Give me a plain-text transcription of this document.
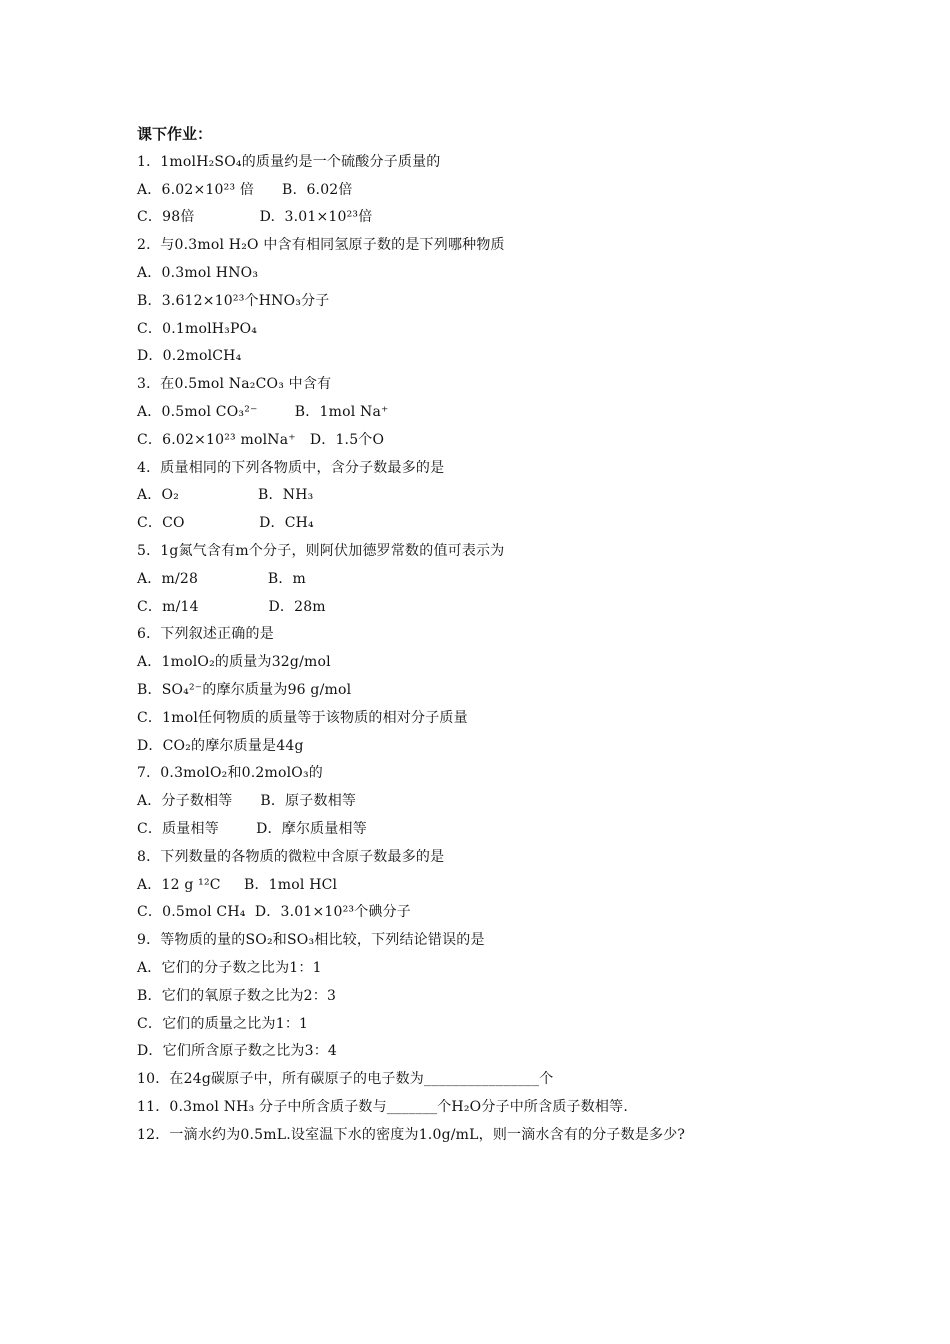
课下作业：
1．1molH₂SO₄的质量约是一个硫酸分子质量的
A．6.02×10²³ 倍      B.  6.02倍
C．98倍              D.  3.01×10²³倍
2．与0.3mol H₂O 中含有相同氢原子数的是下列哪种物质
A．0.3mol HNO₃
B．3.612×10²³个HNO₃分子
C．0.1molH₃PO₄
D．0.2molCH₄
3．在0.5mol Na₂CO₃ 中含有
A．0.5mol CO₃²⁻        B．1mol Na⁺
C．6.02×10²³ molNa⁺   D．1.5个O
4．质量相同的下列各物质中，含分子数最多的是
A．O₂                 B．NH₃
C．CO                D．CH₄
5．1g氮气含有m个分子，则阿伏加德罗常数的值可表示为
A．m/28               B．m
C．m/14               D．28m
6．下列叙述正确的是
A．1molO₂的质量为32g/mol
B．SO₄²⁻的摩尔质量为96 g/mol
C．1mol任何物质的质量等于该物质的相对分子质量
D．CO₂的摩尔质量是44g
7．0.3molO₂和0.2molO₃的
A．分子数相等      B．原子数相等
C．质量相等        D．摩尔质量相等
8．下列数量的各物质的微粒中含原子数最多的是
A．12 g ¹²C     B．1mol HCl
C．0.5mol CH₄  D．3.01×10²³个碘分子
9．等物质的量的SO₂和SO₃相比较，下列结论错误的是
A．它们的分子数之比为1：1
B．它们的氧原子数之比为2：3
C．它们的质量之比为1：1
D．它们所含原子数之比为3：4
10．在24g碳原子中，所有碳原子的电子数为________________个
11．0.3mol NH₃ 分子中所含质子数与_______个H₂O分子中所含质子数相等.
12．一滴水约为0.5mL.设室温下水的密度为1.0g/mL，则一滴水含有的分子数是多少?
